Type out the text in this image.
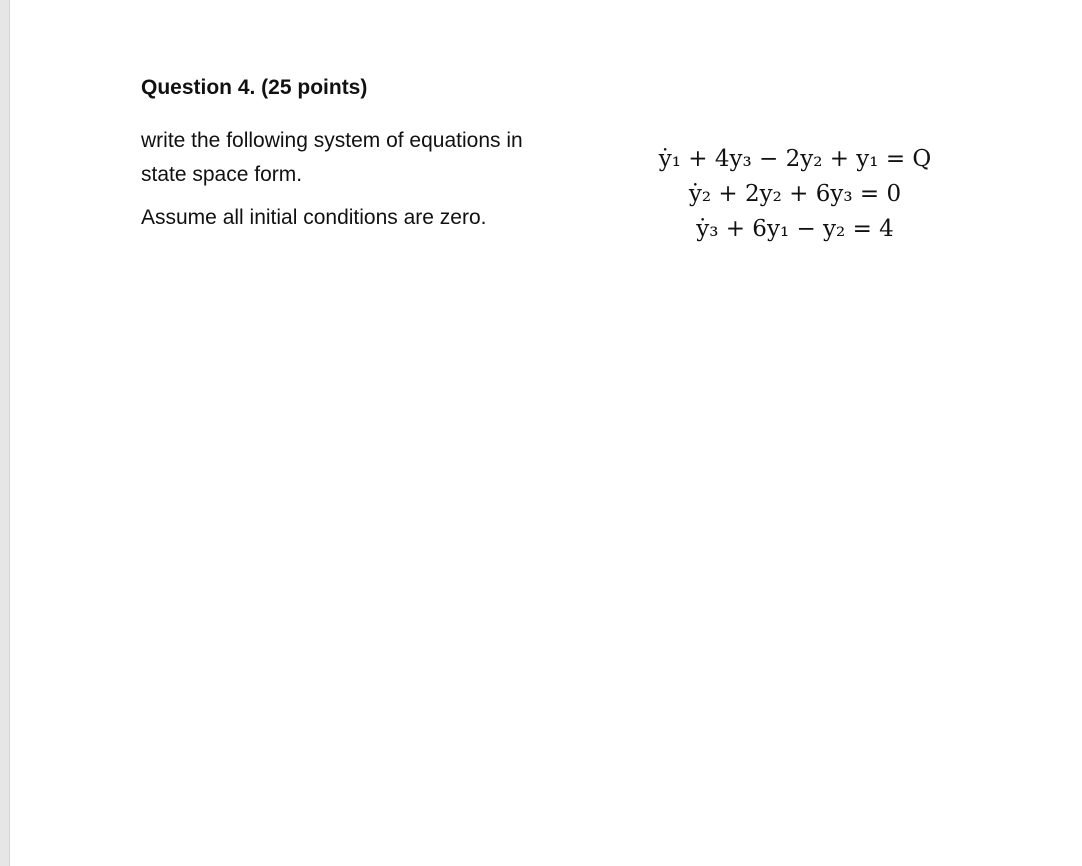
Question 4. (25 points)
write the following system of equations in
state space form.
Assume all initial conditions are zero.
ẏ₁ + 4y₃ − 2y₂ + y₁ = Q
ẏ₂ + 2y₂ + 6y₃ = 0
ẏ₃ + 6y₁ − y₂ = 4
